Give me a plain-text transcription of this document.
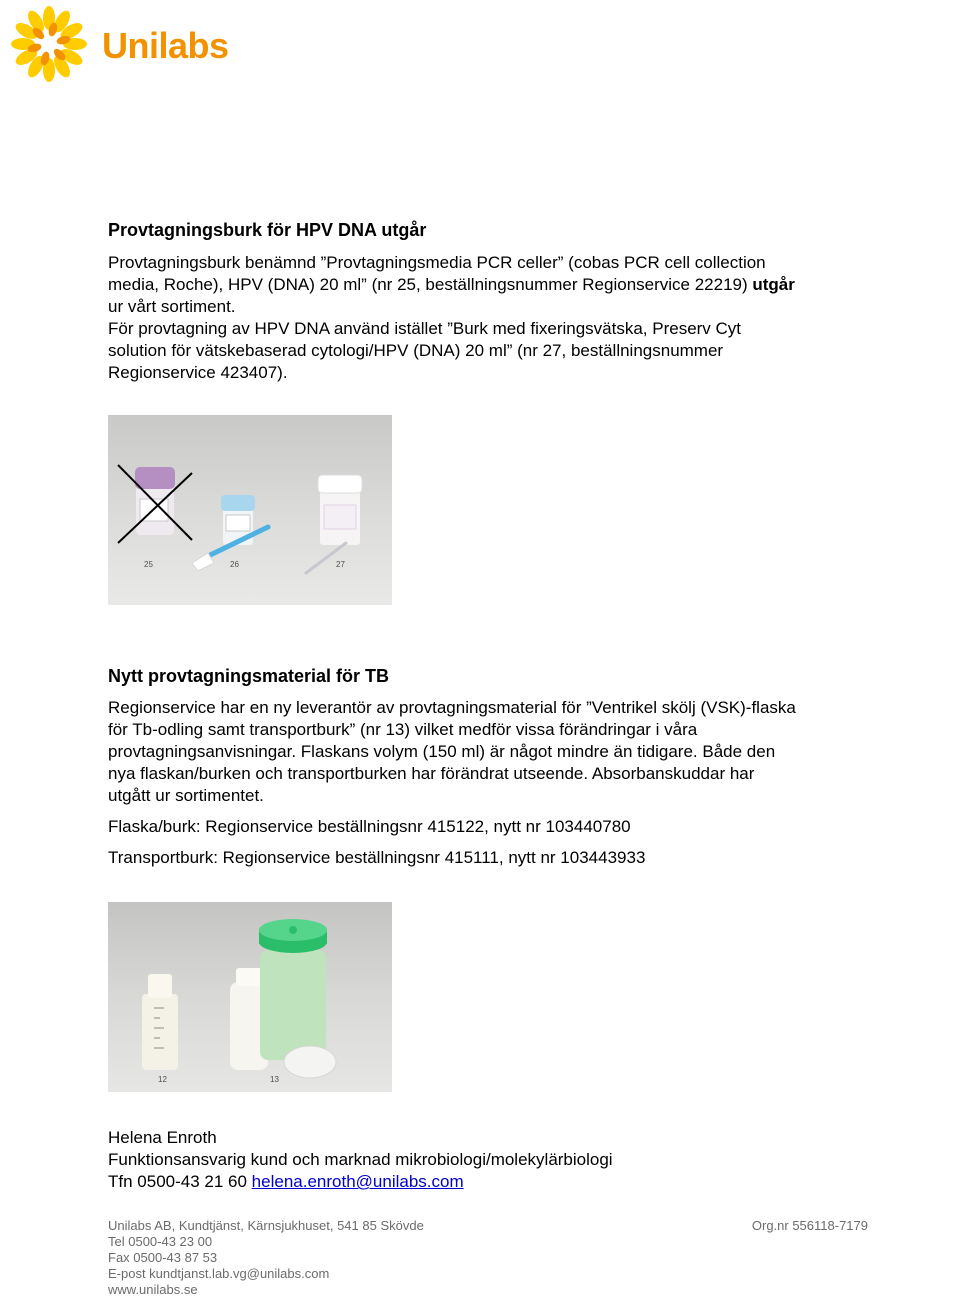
Unilabs
Provtagningsburk för HPV DNA utgår
Provtagningsburk benämnd ”Provtagningsmedia PCR celler” (cobas PCR cell collection
media, Roche), HPV (DNA) 20 ml” (nr 25, beställningsnummer Regionservice 22219) utgår
ur vårt sortiment.
För provtagning av HPV DNA använd istället ”Burk med fixeringsvätska, Preserv Cyt
solution för vätskebaserad cytologi/HPV (DNA) 20 ml” (nr 27, beställningsnummer
Regionservice 423407).
Nytt provtagningsmaterial för TB
Regionservice har en ny leverantör av provtagningsmaterial för ”Ventrikel skölj (VSK)-flaska
för Tb-odling samt transportburk” (nr 13) vilket medför vissa förändringar i våra
provtagningsanvisningar. Flaskans volym (150 ml) är något mindre än tidigare. Både den
nya flaskan/burken och transportburken har förändrat utseende. Absorbanskuddar har
utgått ur sortimentet.
Flaska/burk: Regionservice beställningsnr 415122, nytt nr 103440780
Transportburk: Regionservice beställningsnr 415111, nytt nr 103443933
25	26	27
12	13
Helena Enroth
Funktionsansvarig kund och marknad mikrobiologi/molekylärbiologi
Tfn 0500-43 21 60 helena.enroth@unilabs.com
Unilabs AB, Kundtjänst, Kärnsjukhuset, 541 85 Skövde	Org.nr 556118-7179
Tel 0500-43 23 00
Fax 0500-43 87 53
E-post kundtjanst.lab.vg@unilabs.com
www.unilabs.se
